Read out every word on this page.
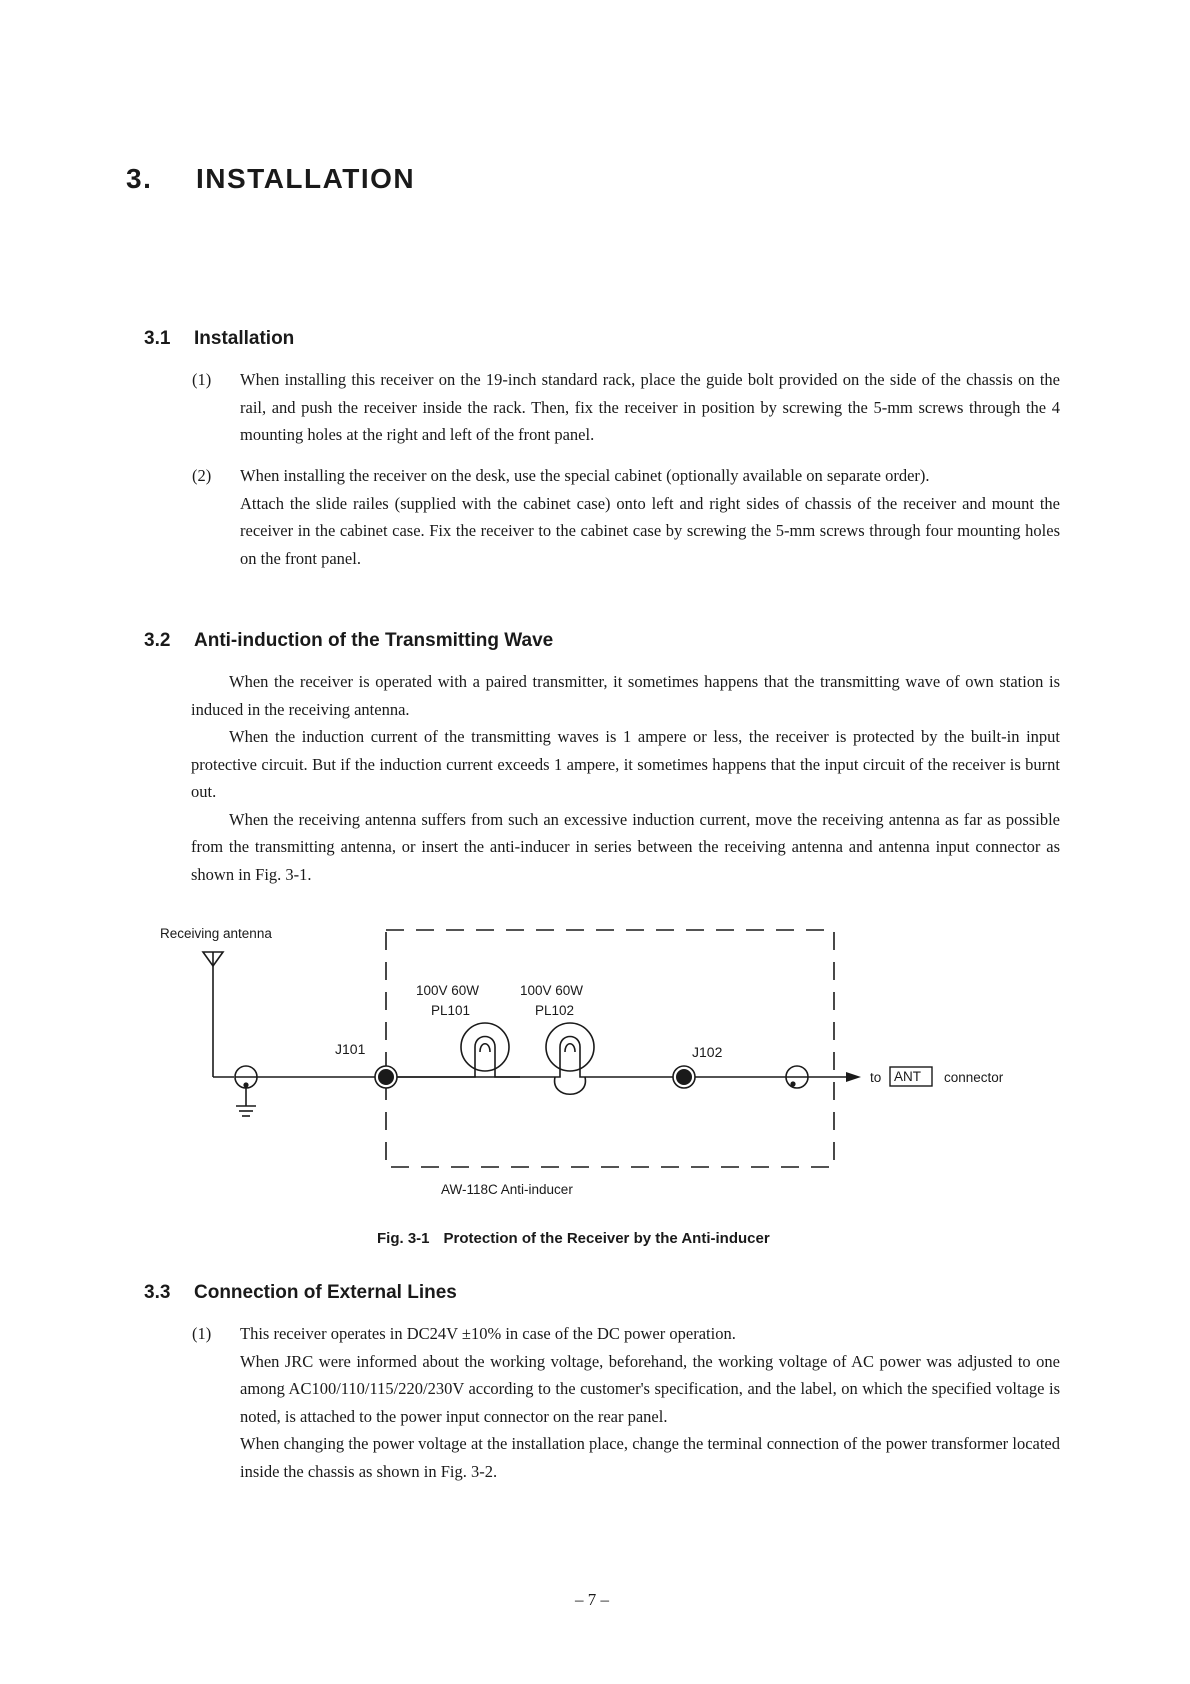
3. INSTALLATION
3.1 Installation
(1) When installing this receiver on the 19-inch standard rack, place the guide bolt provided on the side of the chassis on the rail, and push the receiver inside the rack. Then, fix the receiver in position by screwing the 5-mm screws through the 4 mounting holes at the right and left of the front panel.

(2) When installing the receiver on the desk, use the special cabinet (optionally available on separate order).

Attach the slide railes (supplied with the cabinet case) onto left and right sides of chassis of the receiver and mount the receiver in the cabinet case. Fix the receiver to the cabinet case by screwing the 5-mm screws through four mounting holes on the front panel.

3.2 Anti-induction of the Transmitting Wave

When the receiver is operated with a paired transmitter, it sometimes happens that the transmitting wave of own station is induced in the receiving antenna.

When the induction current of the transmitting waves is 1 ampere or less, the receiver is protected by the built-in input protective circuit. But if the induction current exceeds 1 ampere, it sometimes happens that the input circuit of the receiver is burnt out.

When the receiving antenna suffers from such an excessive induction current, move the receiving antenna as far as possible from the transmitting antenna, or insert the anti-inducer in series between the receiving antenna and antenna input connector as shown in Fig. 3-1.

Receiving antenna
J101
100V 60W
PL101
100V 60W
PL102
J102
to ANT connector
AW-118C Anti-inducer
Fig. 3-1 Protection of the Receiver by the Anti-inducer
3.3 Connection of External Lines
(1) This receiver operates in DC24V ±10% in case of the DC power operation.

When JRC were informed about the working voltage, beforehand, the working voltage of AC power was adjusted to one among AC100/110/115/220/230V according to the customer's specification, and the label, on which the specified voltage is noted, is attached to the power input connector on the rear panel.

When changing the power voltage at the installation place, change the terminal connection of the power transformer located inside the chassis as shown in Fig. 3-2.

– 7 –
